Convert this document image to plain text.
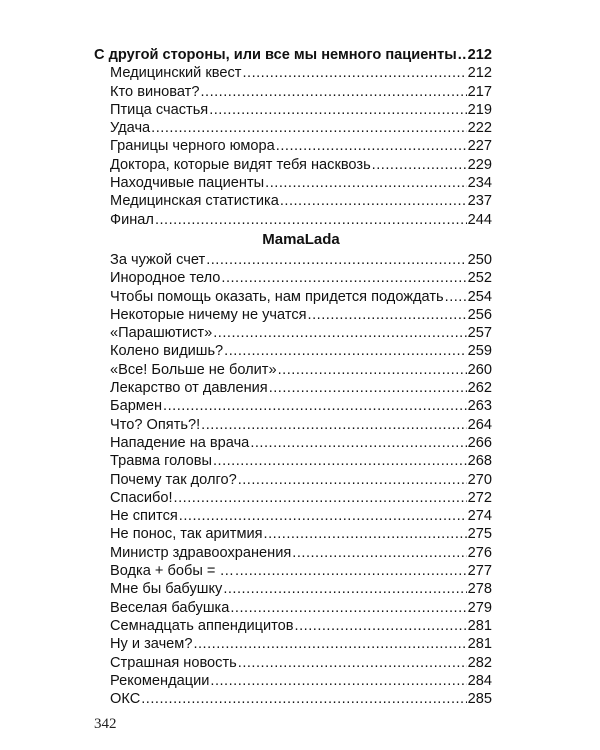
С другой стороны, или все мы немного пациенты ..... 212
Медицинский квест .....	212
Кто виноват? .....	217
Птица счастья .....	219
Удача .....	222
Границы черного юмора .....	227
Доктора, которые видят тебя насквозь .....	229
Находчивые пациенты .....	234
Медицинская статистика .....	237
Финал .....	244
MamaLada
За чужой счет .....	250
Инородное тело .....	252
Чтобы помощь оказать, нам придется подождать ..... 254
Некоторые ничему не учатся .....	256
«Парашютист» .....	257
Колено видишь? .....	259
«Все! Больше не болит» .....	260
Лекарство от давления .....	262
Бармен .....	263
Что? Опять?! .....	264
Нападение на врача .....	266
Травма головы .....	268
Почему так долго? .....	270
Спасибо! .....	272
Не спится .....	274
Не понос, так аритмия .....	275
Министр здравоохранения .....	276
Водка + бобы = … .....	277
Мне бы бабушку .....	278
Веселая бабушка .....	279
Семнадцать аппендицитов .....	281
Ну и зачем? .....	281
Страшная новость .....	282
Рекомендации .....	284
ОКС .....	285
342
